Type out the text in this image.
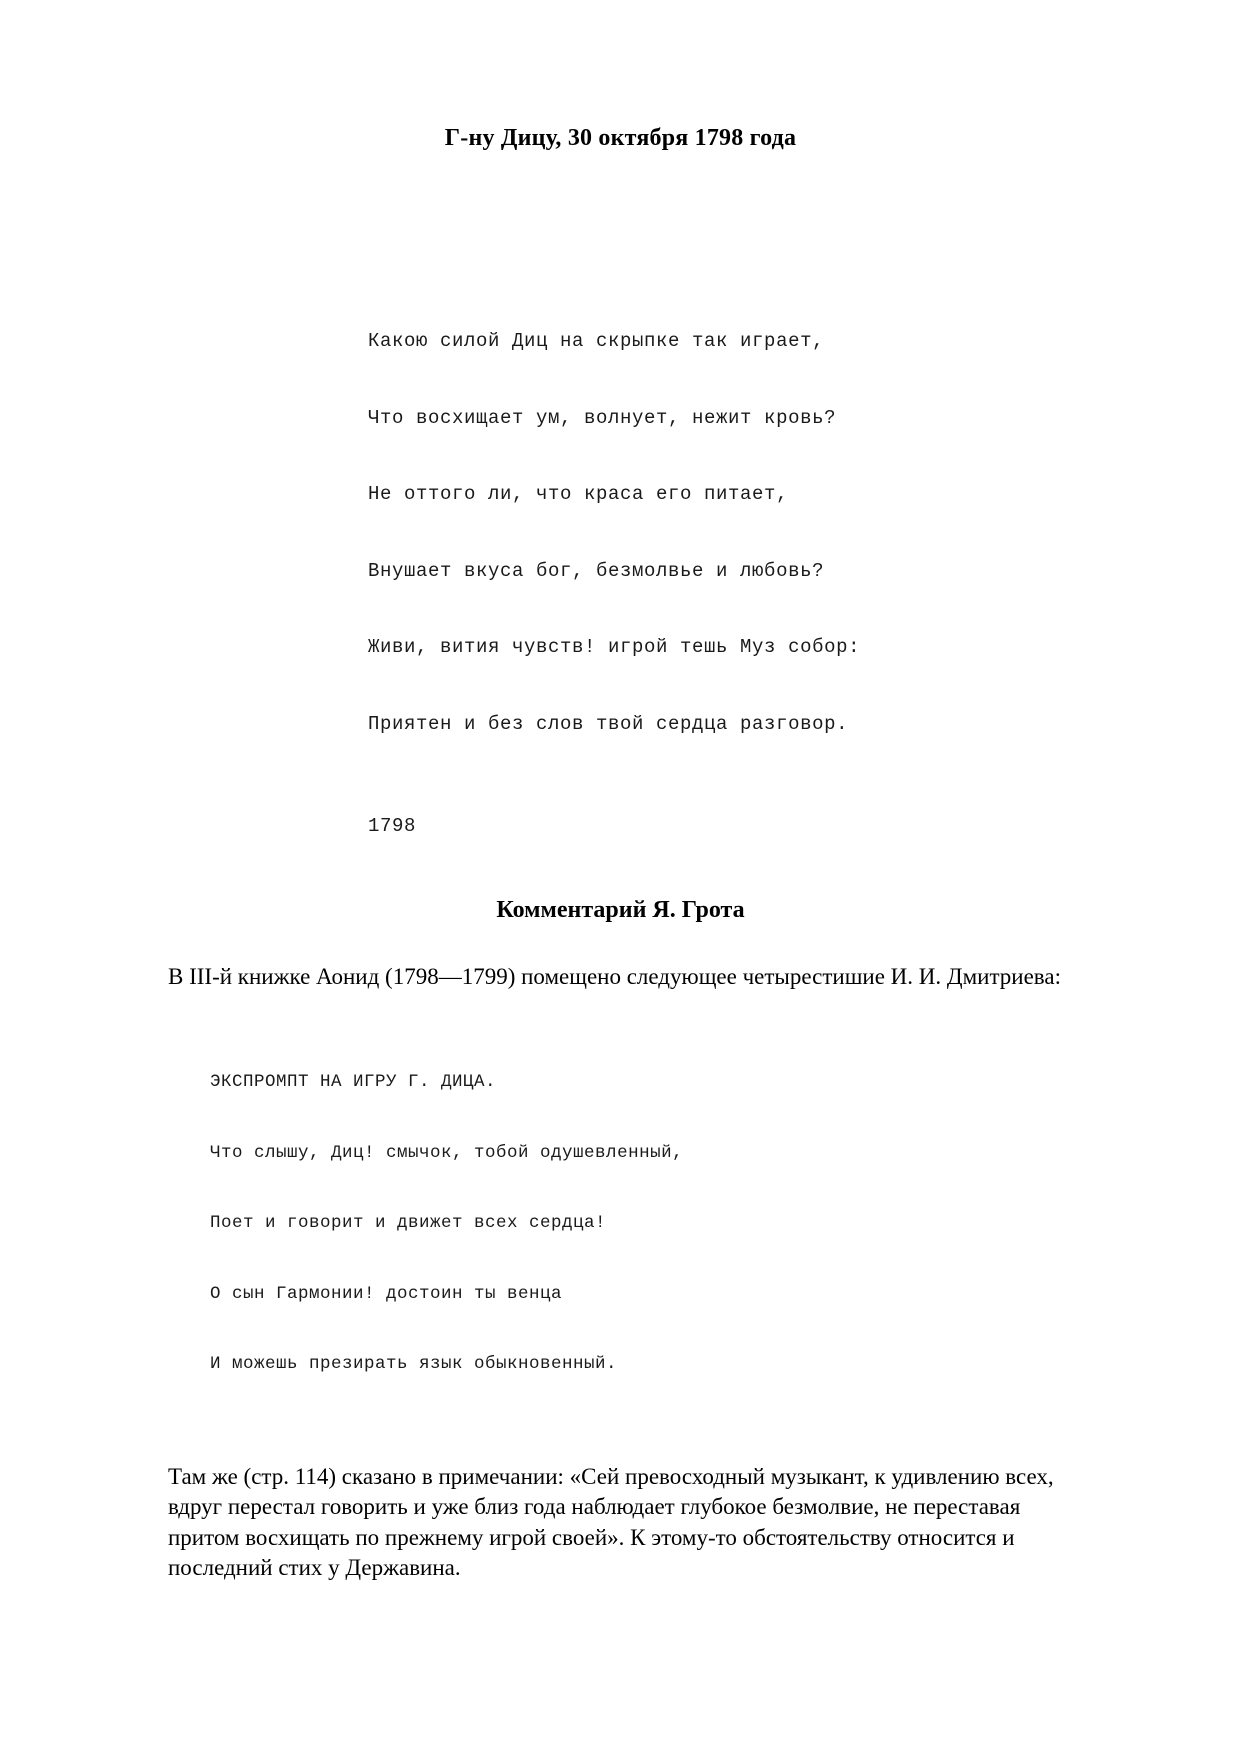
Г-ну Дицу, 30 октября 1798 года

Какою силой Диц на скрыпке так играет,

Что восхищает ум, волнует, нежит кровь?

Не оттого ли, что краса его питает,

Внушает вкуса бог, безмолвье и любовь?

Живи, вития чувств! игрой тешь Муз собор:

Приятен и без слов твой сердца разговор.

1798
Комментарий Я. Грота

В III-й книжке Аонид (1798—1799) помещено следующее четырестишие И. И. Дмитриева:

ЭКСПРОМПТ НА ИГРУ Г. ДИЦА.

Что слышу, Диц! смычок, тобой одушевленный,

Поет и говорит и движет всех сердца!

О сын Гармонии! достоин ты венца

И можешь презирать язык обыкновенный.

Там же (стр. 114) сказано в примечании: «Сей превосходный музыкант, к удивлению всех, вдруг перестал говорить и уже близ года наблюдает глубокое безмолвие, не переставая притом восхищать по прежнему игрой своей». К этому-то обстоятельству относится и последний стих у Державина.
